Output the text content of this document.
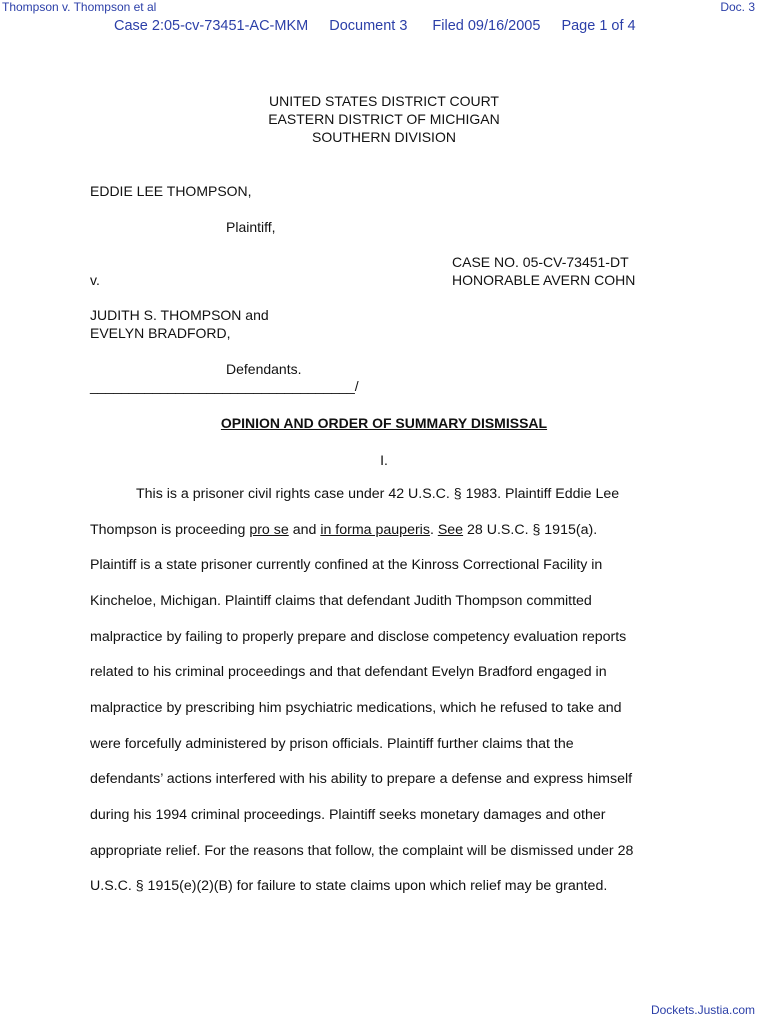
Thompson v. Thompson et al	Doc. 3
Case 2:05-cv-73451-AC-MKM Document 3 Filed 09/16/2005 Page 1 of 4
UNITED STATES DISTRICT COURT
EASTERN DISTRICT OF MICHIGAN
SOUTHERN DIVISION
EDDIE LEE THOMPSON,
Plaintiff,
CASE NO. 05-CV-73451-DT
v.	HONORABLE AVERN COHN
JUDITH S. THOMPSON and
EVELYN BRADFORD,
Defendants.
__________________________________/
OPINION AND ORDER OF SUMMARY DISMISSAL
I.
This is a prisoner civil rights case under 42 U.S.C. § 1983. Plaintiff Eddie Lee
Thompson is proceeding pro se and in forma pauperis. See 28 U.S.C. § 1915(a).
Plaintiff is a state prisoner currently confined at the Kinross Correctional Facility in
Kincheloe, Michigan. Plaintiff claims that defendant Judith Thompson committed
malpractice by failing to properly prepare and disclose competency evaluation reports
related to his criminal proceedings and that defendant Evelyn Bradford engaged in
malpractice by prescribing him psychiatric medications, which he refused to take and
were forcefully administered by prison officials. Plaintiff further claims that the
defendants’ actions interfered with his ability to prepare a defense and express himself
during his 1994 criminal proceedings. Plaintiff seeks monetary damages and other
appropriate relief. For the reasons that follow, the complaint will be dismissed under 28
U.S.C. § 1915(e)(2)(B) for failure to state claims upon which relief may be granted.
Dockets.Justia.com
